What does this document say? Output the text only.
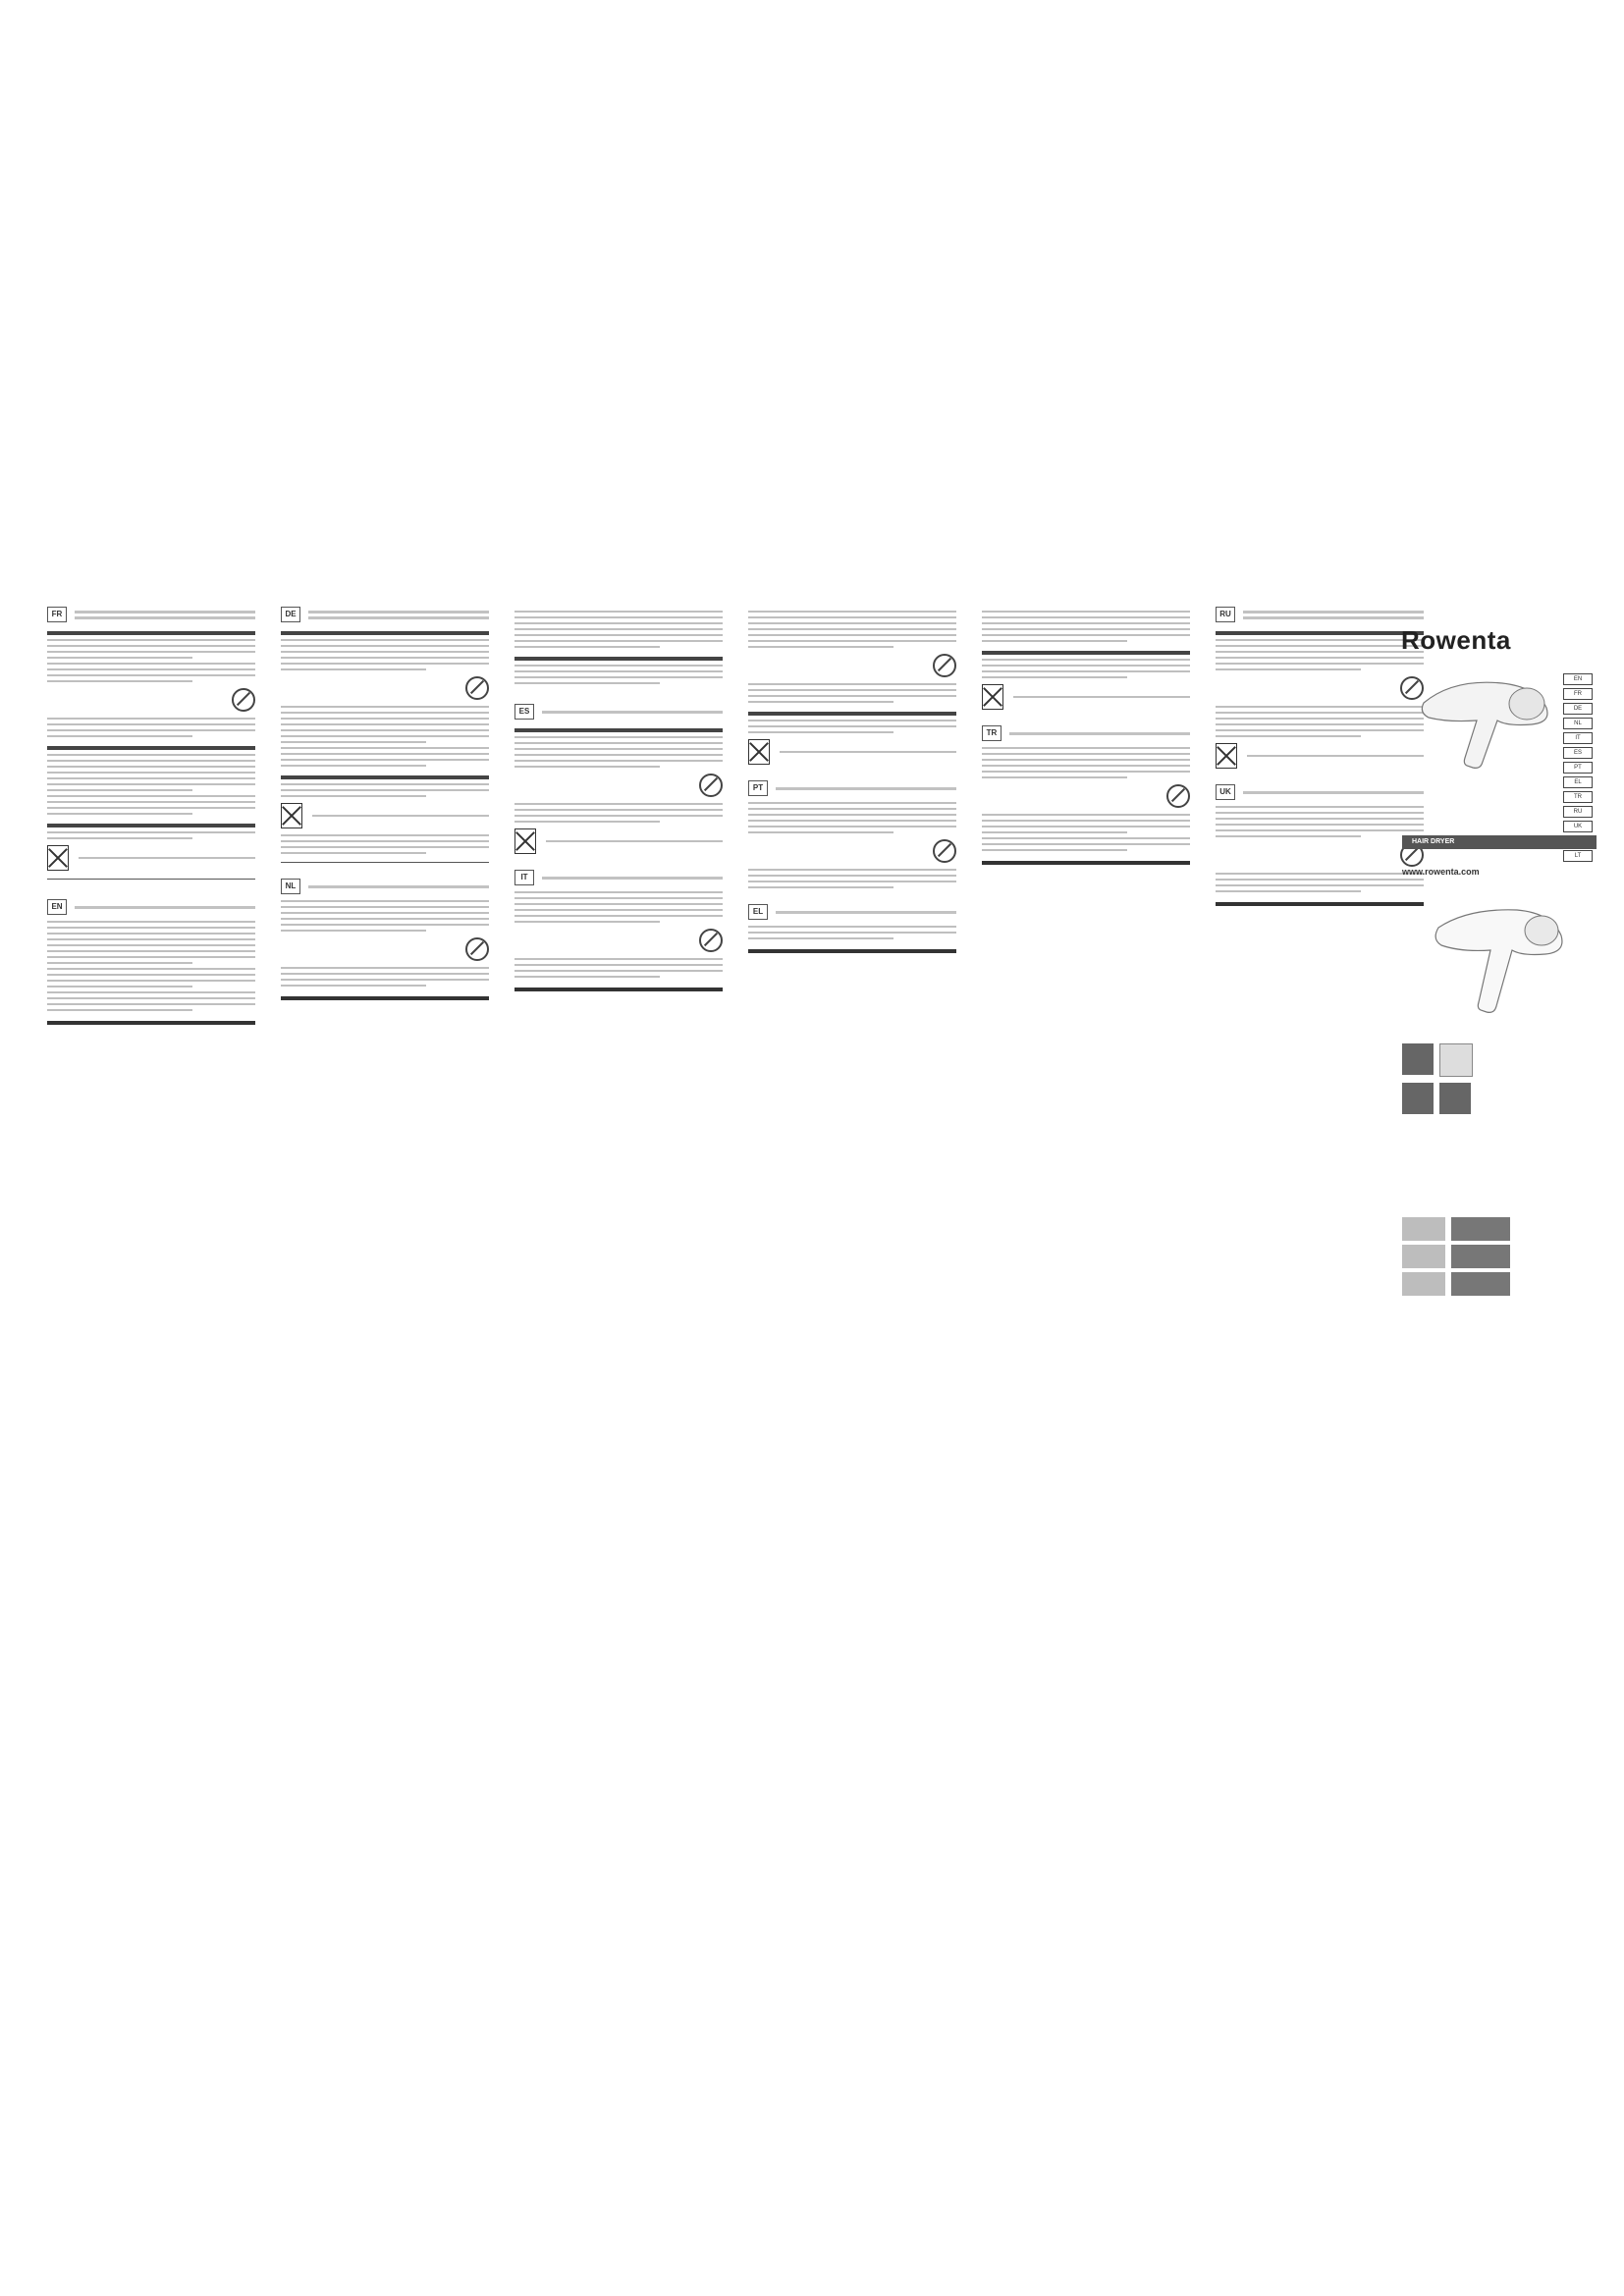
FR
EN
DE
NL
ES
IT
PT
EL
TR
RU
UK
Rowenta
EN
FR
DE
NL
IT
ES
PT
EL
TR
RU
UK
LT
HAIR DRYER
www.rowenta.com
